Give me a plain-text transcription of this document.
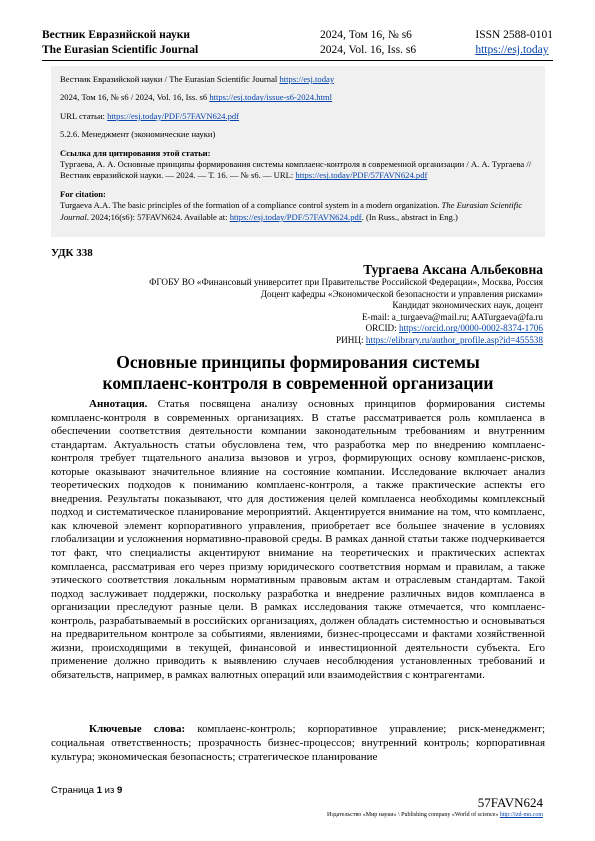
Вестник Евразийской науки
The Eurasian Scientific Journal
2024, Том 16, № s6
2024, Vol. 16, Iss. s6
ISSN 2588-0101
https://esj.today

Вестник Евразийской науки / The Eurasian Scientific Journal https://esj.today

2024, Том 16, № s6 / 2024, Vol. 16, Iss. s6 https://esj.today/issue-s6-2024.html

URL статьи: https://esj.today/PDF/57FAVN624.pdf

5.2.6. Менеджмент (экономические науки)

Ссылка для цитирования этой статьи:
Тургаева, А. А. Основные принципы формирования системы комплаенс-контроля в современной организации / А. А. Тургаева // Вестник евразийской науки. — 2024. — Т. 16. — № s6. — URL: https://esj.today/PDF/57FAVN624.pdf

For citation:
Turgaeva A.A. The basic principles of the formation of a compliance control system in a modern organization. The Eurasian Scientific Journal. 2024;16(s6): 57FAVN624. Available at: https://esj.today/PDF/57FAVN624.pdf. (In Russ., abstract in Eng.)

УДК 338
Тургаева Аксана Альбековна
ФГОБУ ВО «Финансовый университет при Правительстве Российской Федерации», Москва, Россия
Доцент кафедры «Экономической безопасности и управления рисками»
Кандидат экономических наук, доцент
E-mail: a_turgaeva@mail.ru; AATurgaeva@fa.ru
ORCID: https://orcid.org/0000-0002-8374-1706
РИНЦ: https://elibrary.ru/author_profile.asp?id=455538
Основные принципы формирования системы
комплаенс-контроля в современной организации

Аннотация. Статья посвящена анализу основных принципов формирования системы комплаенс-контроля в современных организациях. В статье рассматривается роль комплаенса в обеспечении соответствия деятельности компании законодательным требованиям и внутренним стандартам. Актуальность статьи обусловлена тем, что разработка мер по внедрению комплаенс-контроля требует тщательного анализа вызовов и угроз, формирующих основу комплаенс-рисков, которые оказывают значительное влияние на состояние компании. Исследование включает анализ теоретических подходов к пониманию комплаенс-контроля, а также практические аспекты его внедрения. Результаты показывают, что для достижения целей комплаенса необходимы комплексный подход и систематическое планирование мероприятий. Акцентируется внимание на том, что комплаенс, как ключевой элемент корпоративного управления, приобретает все большее значение в условиях глобализации и усложнения нормативно-правовой среды. В рамках данной статьи также подчеркивается тот факт, что специалисты акцентируют внимание на теоретических и практических аспектах комплаенса, рассматривая его через призму юридического соответствия нормам и правилам, а также этического соответствия локальным нормативным правовым актам и отраслевым стандартам. Такой подход заслуживает поддержки, поскольку разработка и внедрение различных видов комплаенса в организации преследуют разные цели. В рамках исследования также отмечается, что комплаенс-контроль, разрабатываемый в российских организациях, должен обладать системностью и основываться на предварительном контроле за событиями, явлениями, бизнес-процессами и фактами хозяйственной жизни, происходящими в текущей, финансовой и инвестиционной деятельности субъекта. Его применение должно приводить к выявлению случаев несоблюдения установленных требований и обязательств, например, в рамках валютных операций или взаимодействия с контрагентами.

Ключевые слова: комплаенс-контроль; корпоративное управление; риск-менеджмент; социальная ответственность; прозрачность бизнес-процессов; внутренний контроль; корпоративная культура; экономическая безопасность; стратегическое планирование

Страница 1 из 9
57FAVN624
Издательство «Мир науки» \ Publishing company «World of science» http://izd-mn.com
